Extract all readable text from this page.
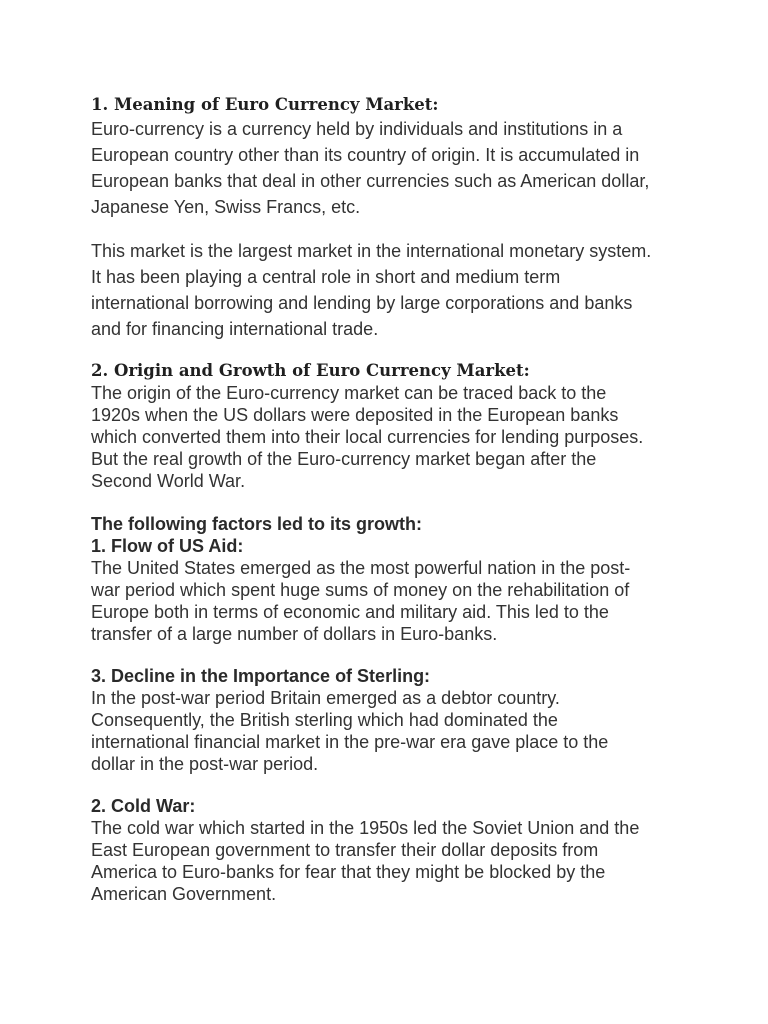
1. Meaning of Euro Currency Market:

Euro-currency is a currency held by individuals and institutions in a
European country other than its country of origin. It is accumulated in
European banks that deal in other currencies such as American dollar,
Japanese Yen, Swiss Francs, etc.

This market is the largest market in the international monetary system.
It has been playing a central role in short and medium term
international borrowing and lending by large corporations and banks
and for financing international trade.

2. Origin and Growth of Euro Currency Market:

The origin of the Euro-currency market can be traced back to the
1920s when the US dollars were deposited in the European banks
which converted them into their local currencies for lending purposes.
But the real growth of the Euro-currency market began after the
Second World War.

The following factors led to its growth:
1. Flow of US Aid:

The United States emerged as the most powerful nation in the post-
war period which spent huge sums of money on the rehabilitation of
Europe both in terms of economic and military aid. This led to the
transfer of a large number of dollars in Euro-banks.

3. Decline in the Importance of Sterling:

In the post-war period Britain emerged as a debtor country.
Consequently, the British sterling which had dominated the
international financial market in the pre-war era gave place to the
dollar in the post-war period.

2. Cold War:

The cold war which started in the 1950s led the Soviet Union and the
East European government to transfer their dollar deposits from
America to Euro-banks for fear that they might be blocked by the
American Government.
